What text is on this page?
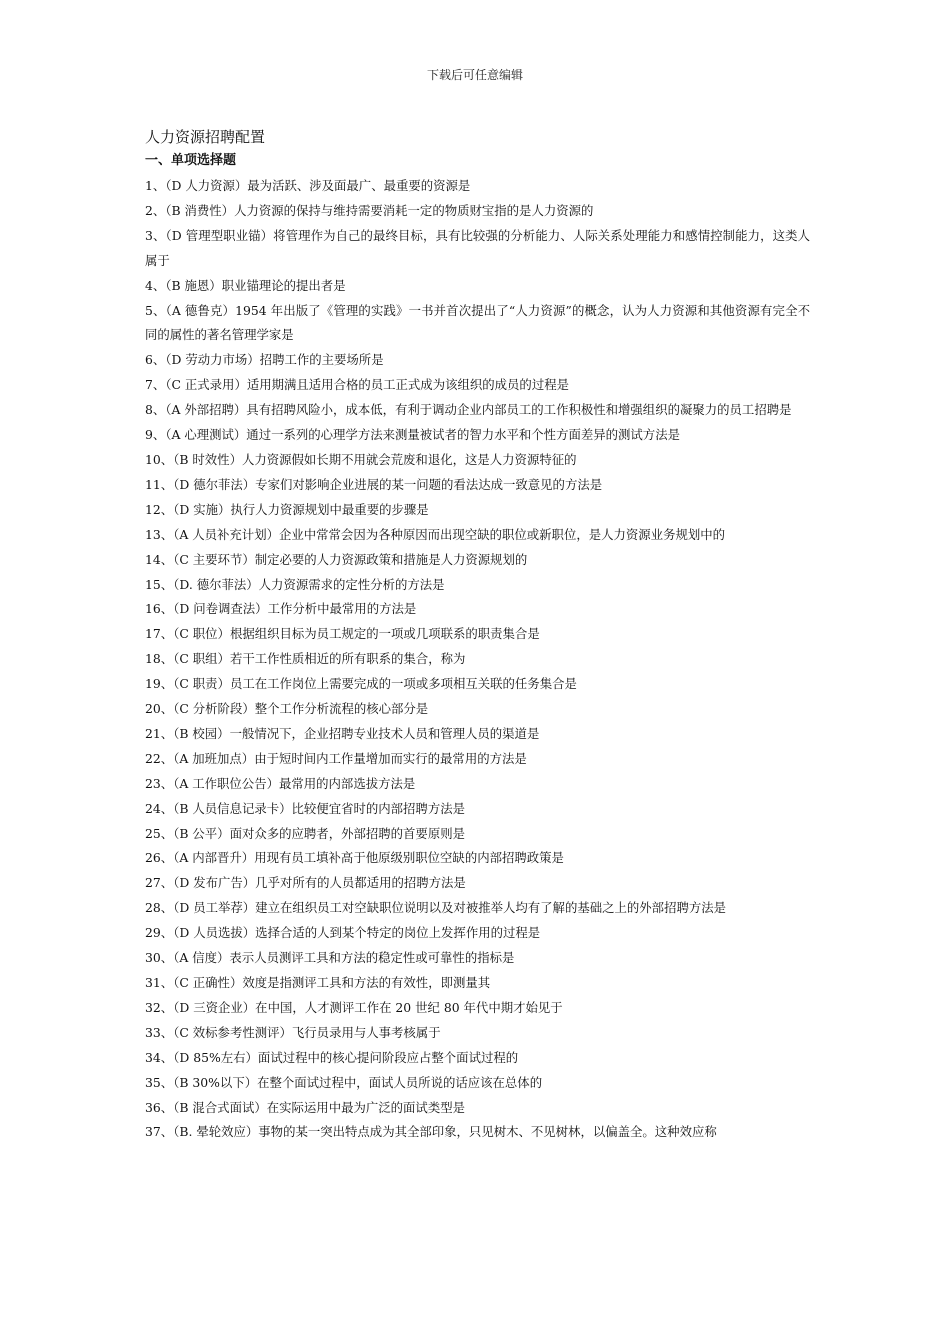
下载后可任意编辑
人力资源招聘配置
一、单项选择题

1、（D 人力资源）最为活跃、涉及面最广、最重要的资源是

2、（B 消费性）人力资源的保持与维持需要消耗一定的物质财宝指的是人力资源的

3、（D 管理型职业锚）将管理作为自己的最终目标，具有比较强的分析能力、人际关系处理能力和感情控制能力，这类人属于

4、（B 施恩）职业锚理论的提出者是

5、（A 德鲁克）1954 年出版了《管理的实践》一书并首次提出了“人力资源”的概念，认为人力资源和其他资源有完全不同的属性的著名管理学家是

6、（D 劳动力市场）招聘工作的主要场所是

7、（C 正式录用）适用期满且适用合格的员工正式成为该组织的成员的过程是

8、（A 外部招聘）具有招聘风险小，成本低，有利于调动企业内部员工的工作积极性和增强组织的凝聚力的员工招聘是

9、（A 心理测试）通过一系列的心理学方法来测量被试者的智力水平和个性方面差异的测试方法是

10、（B 时效性）人力资源假如长期不用就会荒废和退化，这是人力资源特征的

11、（D 德尔菲法）专家们对影响企业进展的某一问题的看法达成一致意见的方法是

12、（D 实施）执行人力资源规划中最重要的步骤是

13、（A 人员补充计划）企业中常常会因为各种原因而出现空缺的职位或新职位，是人力资源业务规划中的

14、（C 主要环节）制定必要的人力资源政策和措施是人力资源规划的

15、（D. 德尔菲法）人力资源需求的定性分析的方法是

16、（D 问卷调查法）工作分析中最常用的方法是

17、（C 职位）根据组织目标为员工规定的一项或几项联系的职责集合是

18、（C 职组）若干工作性质相近的所有职系的集合，称为

19、（C 职责）员工在工作岗位上需要完成的一项或多项相互关联的任务集合是

20、（C 分析阶段）整个工作分析流程的核心部分是

21、（B 校园）一般情况下，企业招聘专业技术人员和管理人员的渠道是

22、（A 加班加点）由于短时间内工作量增加而实行的最常用的方法是

23、（A 工作职位公告）最常用的内部选拔方法是

24、（B 人员信息记录卡）比较便宜省时的内部招聘方法是

25、（B 公平）面对众多的应聘者，外部招聘的首要原则是

26、（A 内部晋升）用现有员工填补高于他原级别职位空缺的内部招聘政策是

27、（D 发布广告）几乎对所有的人员都适用的招聘方法是

28、（D 员工举荐）建立在组织员工对空缺职位说明以及对被推举人均有了解的基础之上的外部招聘方法是

29、（D 人员选拔）选择合适的人到某个特定的岗位上发挥作用的过程是

30、（A 信度）表示人员测评工具和方法的稳定性或可靠性的指标是

31、（C 正确性）效度是指测评工具和方法的有效性，即测量其

32、（D 三资企业）在中国，人才测评工作在 20 世纪 80 年代中期才始见于

33、（C 效标参考性测评）飞行员录用与人事考核属于

34、（D 85%左右）面试过程中的核心提问阶段应占整个面试过程的

35、（B 30%以下）在整个面试过程中，面试人员所说的话应该在总体的

36、（B 混合式面试）在实际运用中最为广泛的面试类型是

37、（B. 晕轮效应）事物的某一突出特点成为其全部印象，只见树木、不见树林，以偏盖全。这种效应称
